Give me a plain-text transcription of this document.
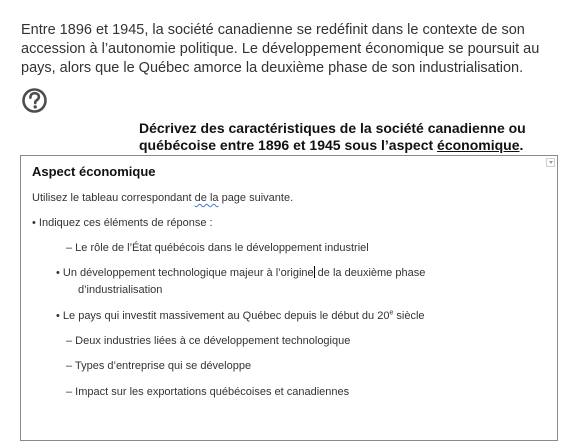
Entre 1896 et 1945, la société canadienne se redéfinit dans le contexte de son accession à l’autonomie politique. Le développement économique se poursuit au pays, alors que le Québec amorce la deuxième phase de son industrialisation.

Décrivez des caractéristiques de la société canadienne ou québécoise entre 1896 et 1945 sous l’aspect économique.

Aspect économique
Utilisez le tableau correspondant de la page suivante.
• Indiquez ces éléments de réponse :
– Le rôle de l’État québécois dans le développement industriel
• Un développement technologique majeur à l’origine de la deuxième phase
d’industrialisation
• Le pays qui investit massivement au Québec depuis le début du 20e siècle
– Deux industries liées à ce développement technologique
– Types d’entreprise qui se développe
– Impact sur les exportations québécoises et canadiennes
